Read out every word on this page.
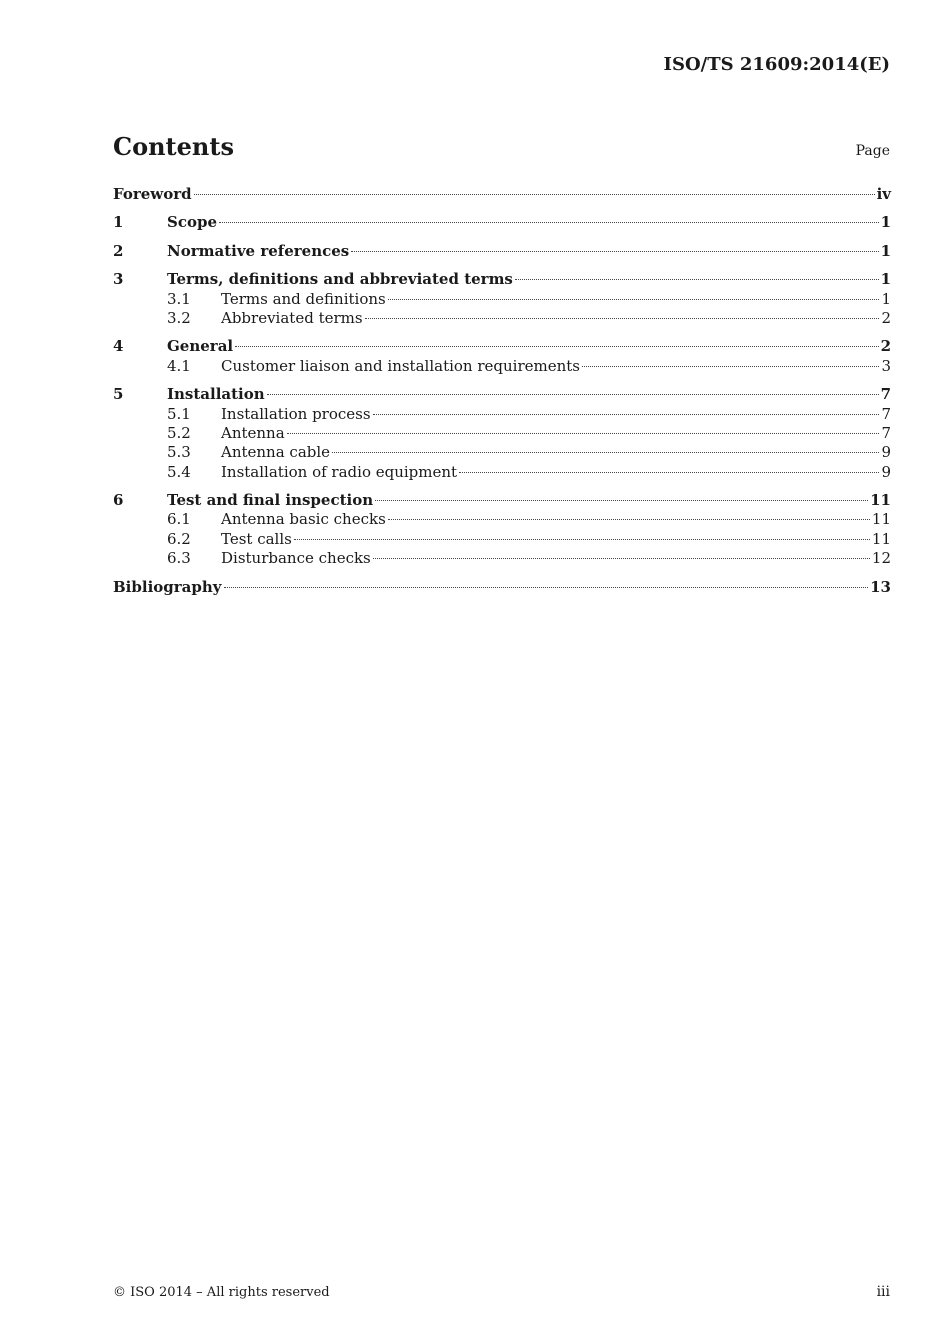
ISO/TS 21609:2014(E)
Contents	Page
Foreword	iv
1	Scope	1
2	Normative references	1
3	Terms, definitions and abbreviated terms	1
3.1	Terms and definitions	1
3.2	Abbreviated terms	2
4	General	2
4.1	Customer liaison and installation requirements	3
5	Installation	7
5.1	Installation process	7
5.2	Antenna	7
5.3	Antenna cable	9
5.4	Installation of radio equipment	9
6	Test and final inspection	11
6.1	Antenna basic checks	11
6.2	Test calls	11
6.3	Disturbance checks	12
Bibliography	13
© ISO 2014 – All rights reserved	iii
